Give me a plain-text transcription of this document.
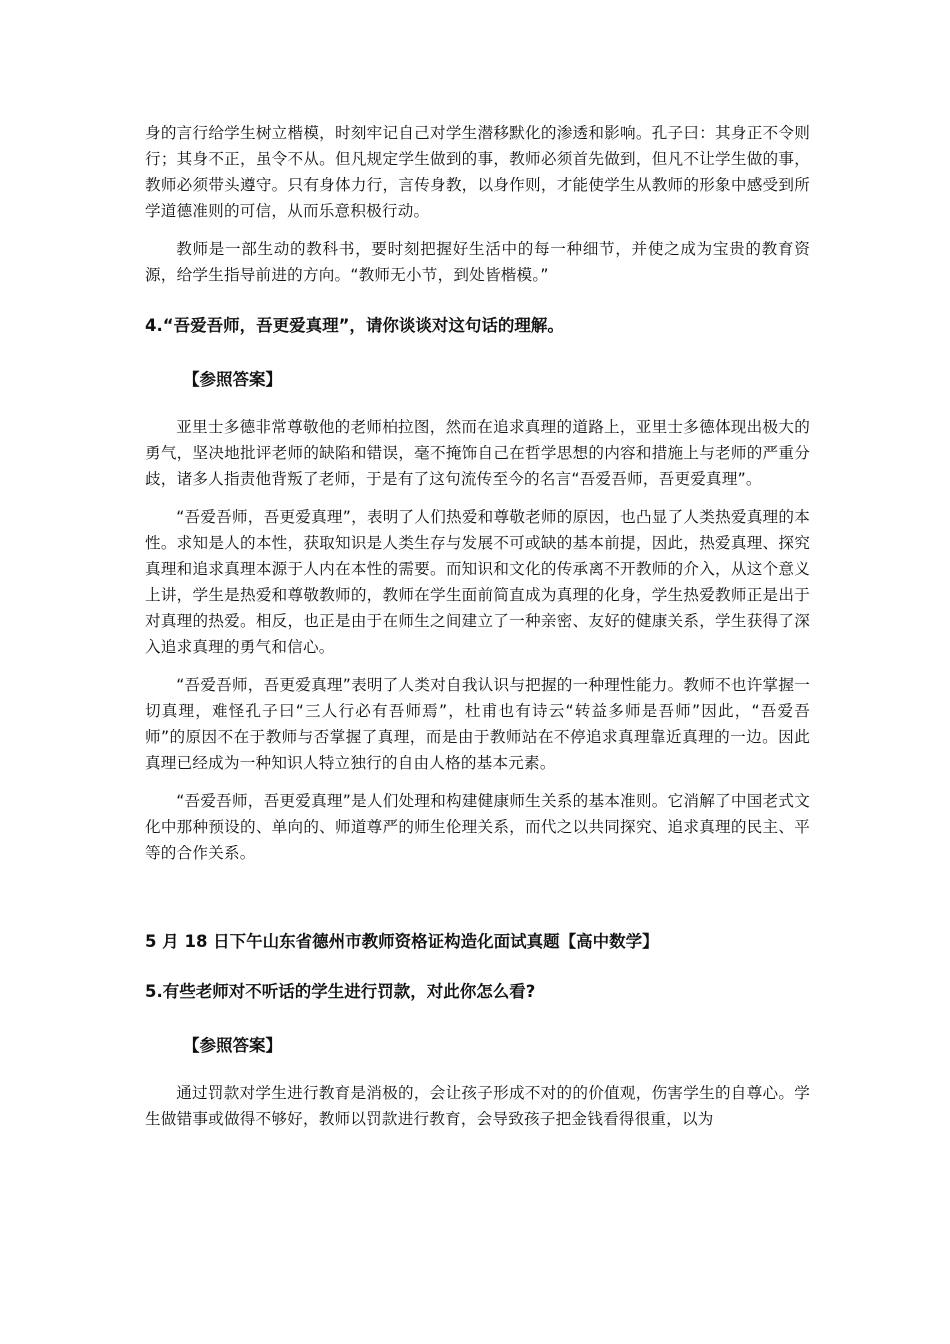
身的言行给学生树立楷模，时刻牢记自己对学生潜移默化的渗透和影响。孔子曰：其身正不令则行；其身不正，虽令不从。但凡规定学生做到的事，教师必须首先做到，但凡不让学生做的事，教师必须带头遵守。只有身体力行，言传身教，以身作则，才能使学生从教师的形象中感受到所学道德准则的可信，从而乐意积极行动。

教师是一部生动的教科书，要时刻把握好生活中的每一种细节，并使之成为宝贵的教育资源，给学生指导前进的方向。“教师无小节，到处皆楷模。”

4.“吾爱吾师，吾更爱真理”，请你谈谈对这句话的理解。
【参照答案】

亚里士多德非常尊敬他的老师柏拉图，然而在追求真理的道路上，亚里士多德体现出极大的勇气，坚决地批评老师的缺陷和错误，毫不掩饰自己在哲学思想的内容和措施上与老师的严重分歧，诸多人指责他背叛了老师，于是有了这句流传至今的名言“吾爱吾师，吾更爱真理”。

“吾爱吾师，吾更爱真理”，表明了人们热爱和尊敬老师的原因，也凸显了人类热爱真理的本性。求知是人的本性，获取知识是人类生存与发展不可或缺的基本前提，因此，热爱真理、探究真理和追求真理本源于人内在本性的需要。而知识和文化的传承离不开教师的介入，从这个意义上讲，学生是热爱和尊敬教师的，教师在学生面前简直成为真理的化身，学生热爱教师正是出于对真理的热爱。相反，也正是由于在师生之间建立了一种亲密、友好的健康关系，学生获得了深入追求真理的勇气和信心。

“吾爱吾师，吾更爱真理”表明了人类对自我认识与把握的一种理性能力。教师不也许掌握一切真理，难怪孔子曰“三人行必有吾师焉”，杜甫也有诗云“转益多师是吾师”因此，“吾爱吾师”的原因不在于教师与否掌握了真理，而是由于教师站在不停追求真理靠近真理的一边。因此真理已经成为一种知识人特立独行的自由人格的基本元素。

“吾爱吾师，吾更爱真理”是人们处理和构建健康师生关系的基本准则。它消解了中国老式文化中那种预设的、单向的、师道尊严的师生伦理关系，而代之以共同探究、追求真理的民主、平等的合作关系。

5 月 18 日下午山东省德州市教师资格证构造化面试真题【高中数学】
5.有些老师对不听话的学生进行罚款，对此你怎么看?
【参照答案】

通过罚款对学生进行教育是消极的，会让孩子形成不对的的价值观，伤害学生的自尊心。学生做错事或做得不够好，教师以罚款进行教育，会导致孩子把金钱看得很重，以为
